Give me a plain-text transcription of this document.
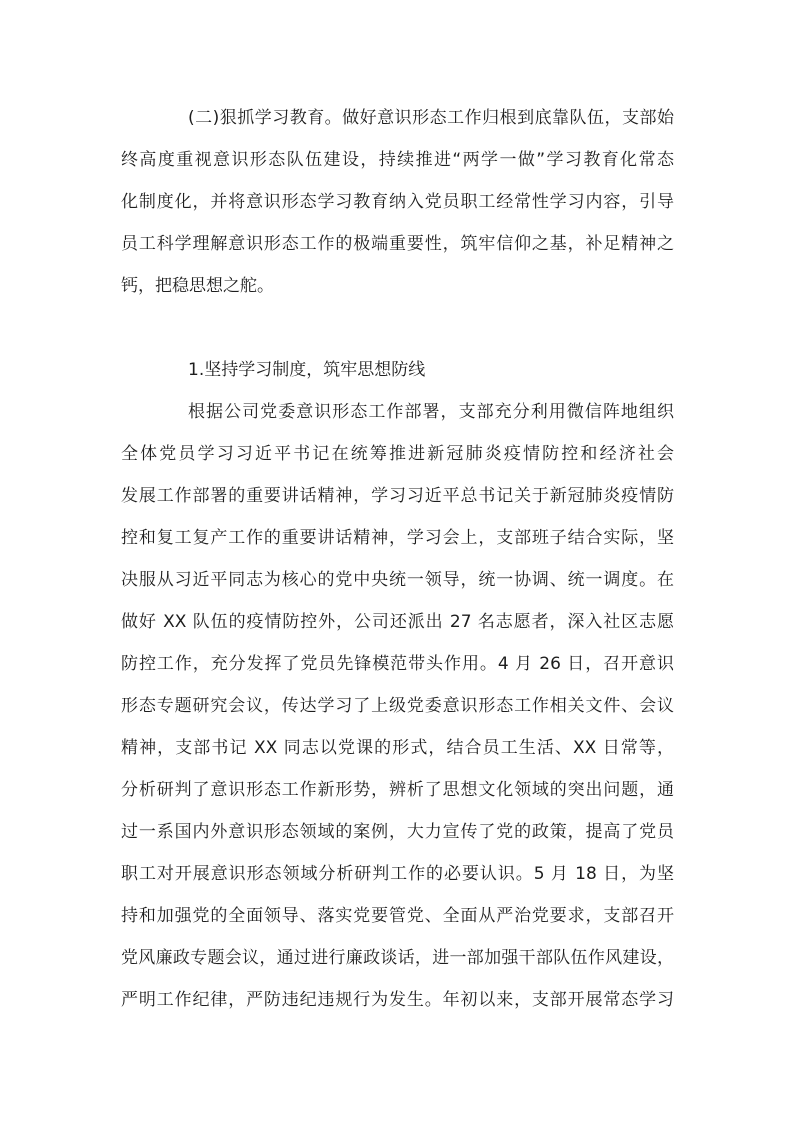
(二)狠抓学习教育。做好意识形态工作归根到底靠队伍，支部始
终高度重视意识形态队伍建设，持续推进“两学一做”学习教育化常态
化制度化，并将意识形态学习教育纳入党员职工经常性学习内容，引导
员工科学理解意识形态工作的极端重要性，筑牢信仰之基，补足精神之
钙，把稳思想之舵。
1.坚持学习制度，筑牢思想防线
根据公司党委意识形态工作部署，支部充分利用微信阵地组织
全体党员学习习近平书记在统筹推进新冠肺炎疫情防控和经济社会
发展工作部署的重要讲话精神，学习习近平总书记关于新冠肺炎疫情防
控和复工复产工作的重要讲话精神，学习会上，支部班子结合实际，坚
决服从习近平同志为核心的党中央统一领导，统一协调、统一调度。在
做好 XX 队伍的疫情防控外，公司还派出 27 名志愿者，深入社区志愿
防控工作，充分发挥了党员先锋模范带头作用。4 月 26 日，召开意识
形态专题研究会议，传达学习了上级党委意识形态工作相关文件、会议
精神，支部书记 XX 同志以党课的形式，结合员工生活、XX 日常等，
分析研判了意识形态工作新形势，辨析了思想文化领域的突出问题，通
过一系国内外意识形态领域的案例，大力宣传了党的政策，提高了党员
职工对开展意识形态领域分析研判工作的必要认识。5 月 18 日，为坚
持和加强党的全面领导、落实党要管党、全面从严治党要求，支部召开
党风廉政专题会议，通过进行廉政谈话，进一部加强干部队伍作风建设，
严明工作纪律，严防违纪违规行为发生。年初以来，支部开展常态学习
